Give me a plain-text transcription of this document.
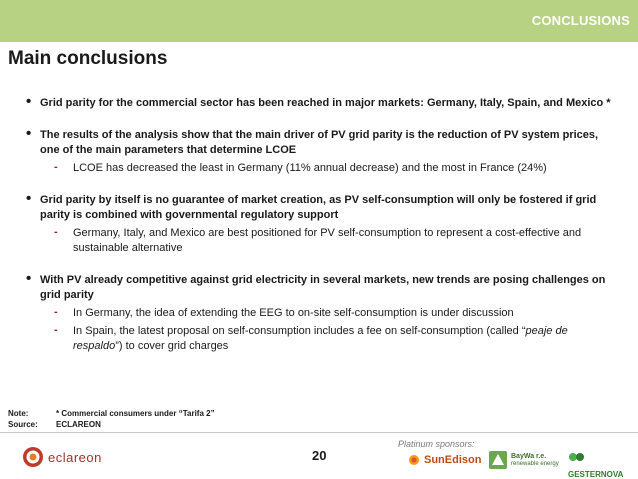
CONCLUSIONS
Main conclusions
• Grid parity for the commercial sector has been reached in major markets: Germany, Italy, Spain, and Mexico *
• The results of the analysis show that the main driver of PV grid parity is the reduction of PV system prices, one of the main parameters that determine LCOE
- LCOE has decreased the least in Germany (11% annual decrease) and the most in France (24%)
• Grid parity by itself is no guarantee of market creation, as PV self-consumption will only be fostered if grid parity is combined with governmental regulatory support
- Germany, Italy, and Mexico are best positioned for PV self-consumption to represent a cost-effective and sustainable alternative
• With PV already competitive against grid electricity in several markets, new trends are posing challenges on grid parity
- In Germany, the idea of extending the EEG to on-site self-consumption is under discussion
- In Spain, the latest proposal on self-consumption includes a fee on self-consumption (called “peaje de respaldo”) to cover grid charges
Note:	* Commercial consumers under “Tarifa 2”
Source:	ECLAREON
eclareon
Platinum sponsors:
20	SunEdison	BayWa r.e.
renewable energy
GESTERNOVA
